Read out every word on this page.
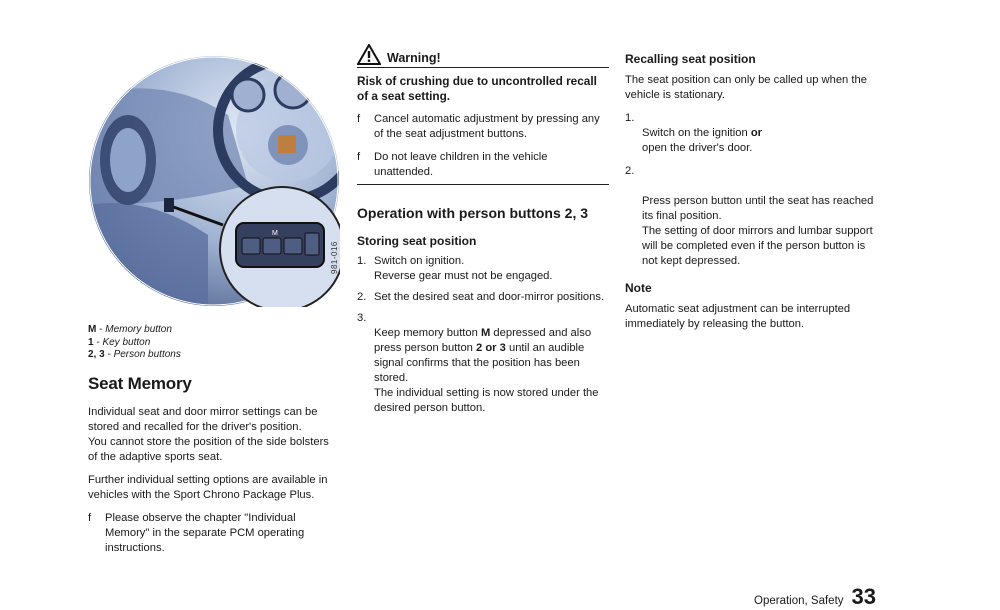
M
981-016
M - Memory button
1 - Key button
2, 3 - Person buttons
Seat Memory

Individual seat and door mirror settings can be stored and recalled for the driver's position.
You cannot store the position of the side bolsters of the adaptive sports seat.

Further individual setting options are available in vehicles with the Sport Chrono Package Plus.

f Please observe the chapter "Individual Memory" in the separate PCM operating instructions.
Warning!

Risk of crushing due to uncontrolled recall of a seat setting.

f Cancel automatic adjustment by pressing any of the seat adjustment buttons.
f Do not leave children in the vehicle unattended.
Operation with person buttons 2, 3
Storing seat position
1. Switch on ignition.
Reverse gear must not be engaged.
2. Set the desired seat and door-mirror positions.

3.
Keep memory button M depressed and also press person button 2 or 3 until an audible signal confirms that the position has been stored.
The individual setting is now stored under the desired person button.

Recalling seat position

The seat position can only be called up when the vehicle is stationary.

1.
Switch on the ignition or
open the driver's door.

2.

Press person button until the seat has reached its final position.
The setting of door mirrors and lumbar support will be completed even if the person button is not kept depressed.

Note

Automatic seat adjustment can be interrupted immediately by releasing the button.

Operation, Safety 33
